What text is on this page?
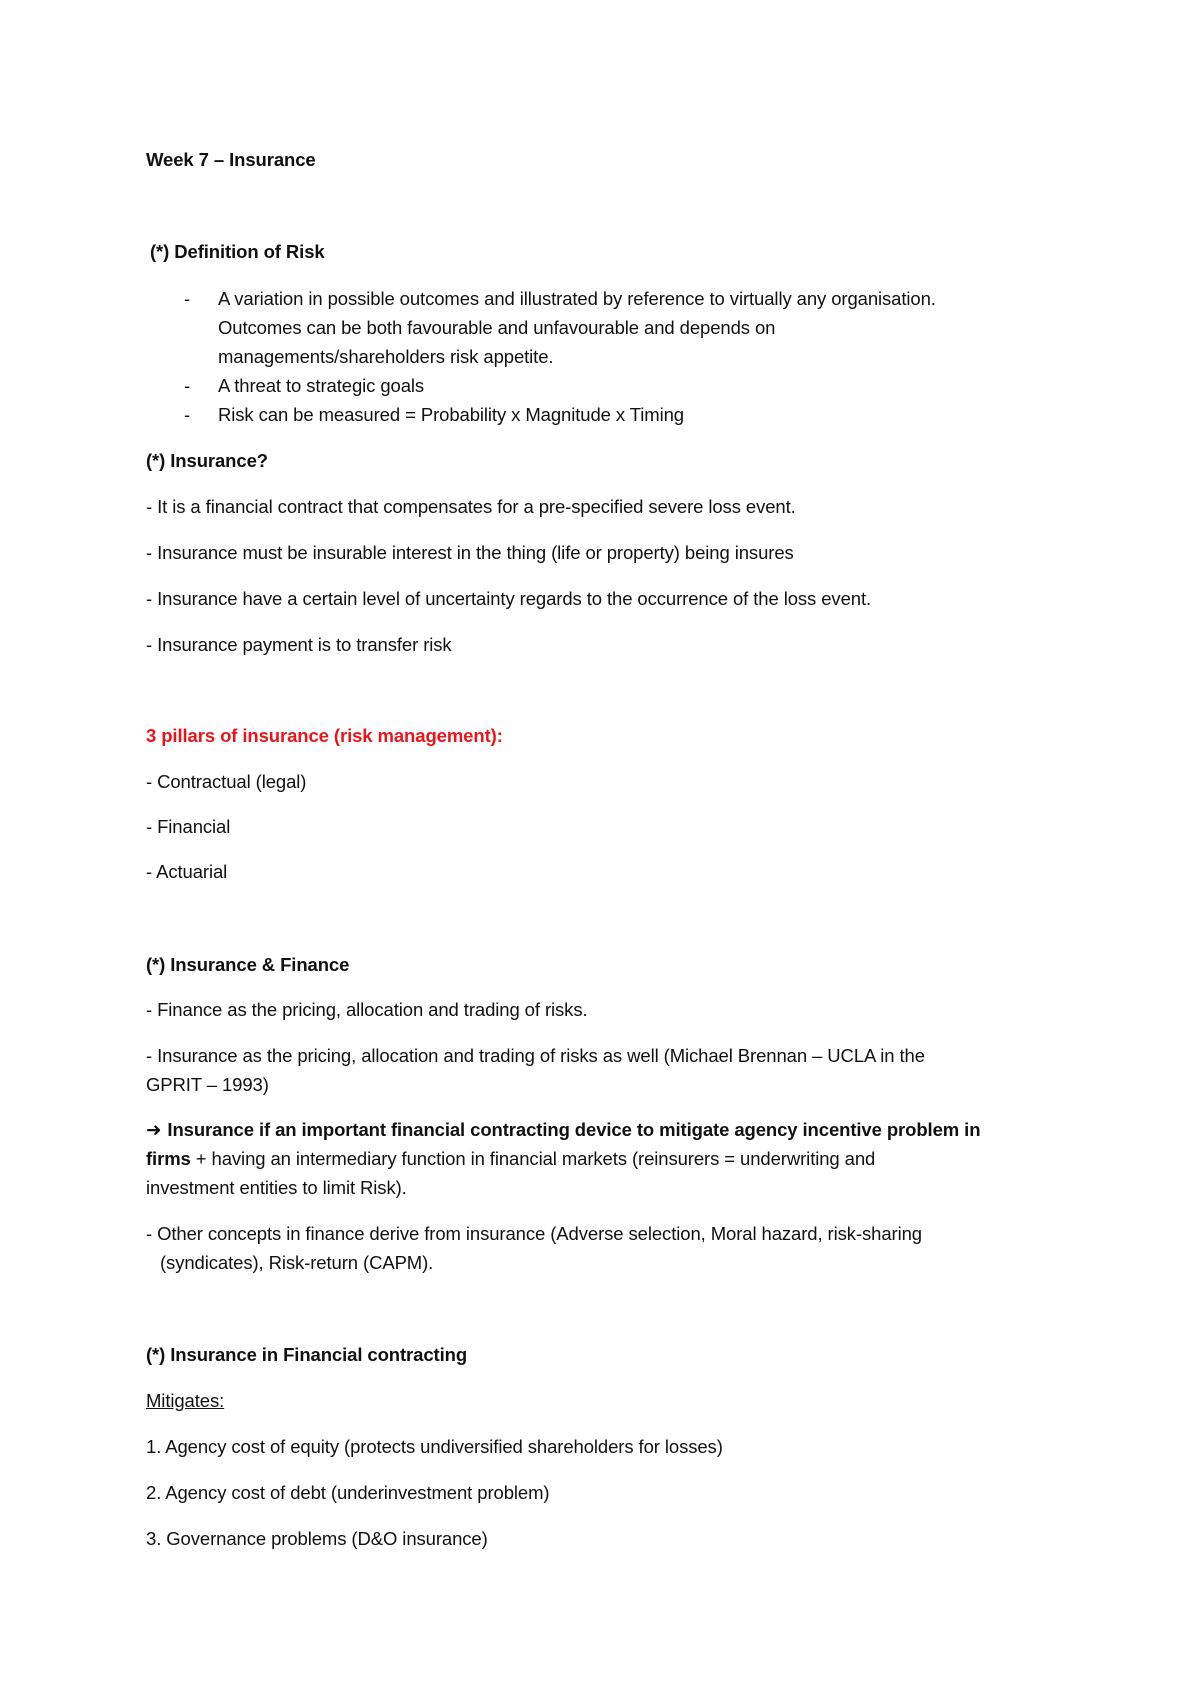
Week 7 – Insurance
(*) Definition of Risk
- A variation in possible outcomes and illustrated by reference to virtually any organisation.
Outcomes can be both favourable and unfavourable and depends on
managements/shareholders risk appetite.
- A threat to strategic goals
- Risk can be measured = Probability x Magnitude x Timing
(*) Insurance?
- It is a financial contract that compensates for a pre-specified severe loss event.
- Insurance must be insurable interest in the thing (life or property) being insures
- Insurance have a certain level of uncertainty regards to the occurrence of the loss event.
- Insurance payment is to transfer risk
3 pillars of insurance (risk management):
- Contractual (legal)
- Financial
- Actuarial
(*) Insurance & Finance
- Finance as the pricing, allocation and trading of risks.
- Insurance as the pricing, allocation and trading of risks as well (Michael Brennan – UCLA in the
GPRIT – 1993)
➜ Insurance if an important financial contracting device to mitigate agency incentive problem in
firms + having an intermediary function in financial markets (reinsurers = underwriting and
investment entities to limit Risk).
- Other concepts in finance derive from insurance (Adverse selection, Moral hazard, risk-sharing
(syndicates), Risk-return (CAPM).
(*) Insurance in Financial contracting
Mitigates:
1. Agency cost of equity (protects undiversified shareholders for losses)
2. Agency cost of debt (underinvestment problem)
3. Governance problems (D&O insurance)
